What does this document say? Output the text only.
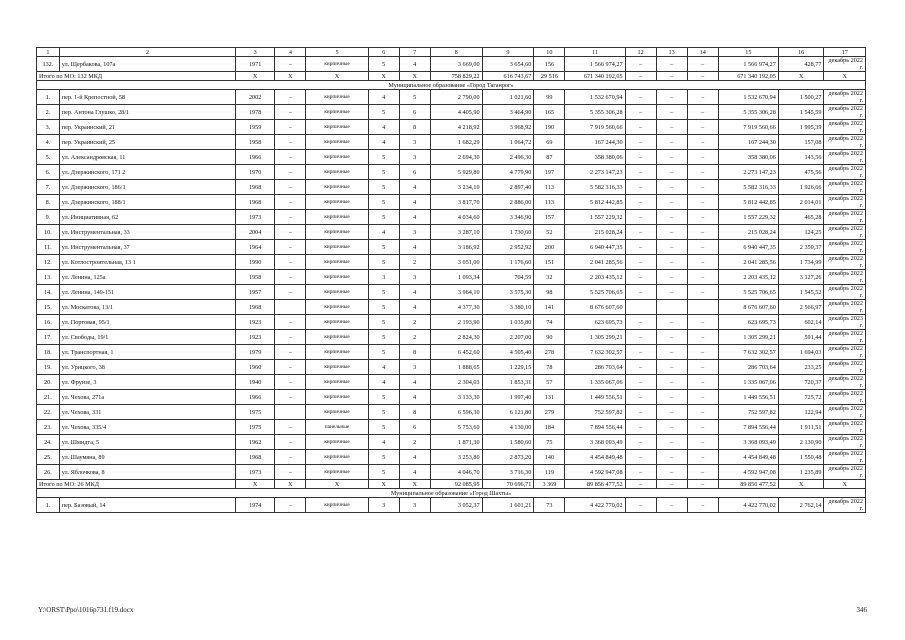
1	2	3	4	5	6	7	8	9	10	11	12	13	14	15	16	17
132.	ул. Щербакова, 107а	1971	–	кирпичные	5	4	3 669,00	3 654,60	156	1 566 974,27	–	–	–	1 566 974,27	428,77	декабрь 2022 г.
Итого по МО: 132 МКД		Х	Х	Х	Х	Х	758 829,22	616 743,67	29 516	671 340 192,05	–	–	–	671 340 192,05	Х	Х
Муниципальное образование «Город Таганрог»																
1.	пер. 1-й Крепостной, 58	2002	–	кирпичные	4	5	2 790,00	1 021,60	99	1 532 670,94	–	–	–	1 532 670,94	1 500,27	декабрь 2022 г.
2.	пер. Антона Глушко, 28/1	1978	–	кирпичные	5	6	4 405,90	3 464,90	165	5 355 306,28	–	–	–	5 355 306,28	1 545,59	декабрь 2022 г.
3.	пер. Украинский, 21	1959	–	кирпичные	4	8	4 218,92	3 968,92	190	7 919 560,66	–	–	–	7 919 560,66	1 995,39	декабрь 2022 г.
4.	пер. Украинский, 25	1958	–	кирпичные	4	3	1 682,29	1 064,72	69	167 244,30	–	–	–	167 244,30	157,08	декабрь 2022 г.
5.	ул. Александровская, 11	1966	–	кирпичные	5	3	2 694,30	2 496,30	87	358 380,06	–	–	–	358 380,06	143,56	декабрь 2022 г.
6.	ул. Дзержинского, 171 2	1970	–	кирпичные	5	6	5 929,80	4 779,90	197	2 273 147,23	–	–	–	2 273 147,23	475,56	декабрь 2022 г.
7.	ул. Дзержинского, 186/1	1968	–	кирпичные	5	4	3 234,10	2 897,40	113	5 582 316,33	–	–	–	5 582 316,33	1 926,66	декабрь 2022 г.
8.	ул. Дзержинского, 188/1	1968	–	кирпичные	5	4	3 817,70	2 886,00	113	5 812 442,85	–	–	–	5 812 442,85	2 014,01	декабрь 2022 г.
9.	ул. Инициативная, 62	1973	–	кирпичные	5	4	4 034,60	3 346,90	157	1 557 229,32	–	–	–	1 557 229,32	465,28	декабрь 2022 г.
10.	ул. Инструментальная, 33	2004	–	кирпичные	4	3	3 287,10	1 730,60	52	215 028,24	–	–	–	215 028,24	124,25	декабрь 2022 г.
11.	ул. Инструментальная, 37	1964	–	кирпичные	5	4	3 186,92	2 952,92	200	6 940 447,35	–	–	–	6 940 447,35	2 350,37	декабрь 2022 г.
12.	ул. Котлостроительная, 13 1	1990	–	кирпичные	5	2	3 051,00	1 176,60	151	2 041 285,56	–	–	–	2 041 285,56	1 734,99	декабрь 2022 г.
13.	ул. Ленина, 125а	1958	–	кирпичные	3	3	1 093,34	704,59	32	2 203 435,12	–	–	–	2 203 435,12	3 127,26	декабрь 2022 г.
14.	ул. Ленина, 149-151	1957	–	кирпичные	5	4	3 964,10	3 575,30	98	5 525 706,65	–	–	–	5 525 706,65	1 545,52	декабрь 2022 г.
15.	ул. Москатова, 13/1	1968		кирпичные	5	4	4 377,30	3 380,10	141	8 676 607,60				8 676 607,60	2 566,97	декабрь 2022 г.
16.	ул. Портовая, 95/1	1923	–	кирпичные	5	2	2 193,90	1 035,80	74	623 695,73	–	–	–	623 695,73	602,14	декабрь 2023 г.
17.	ул. Свободы, 19/1	1923	–	кирпичные	5	2	2 824,30	2 207,00	90	1 305 299,21	–	–	–	1 305 299,21	591,44	декабрь 2022 г.
18.	ул. Транспортная, 1	1979	–	кирпичные	5	8	6 452,60	4 505,40	278	7 632 302,57	–	–	–	7 632 302,57	1 694,03	декабрь 2022 г.
19.	ул. Урицкого, 38	1960	–	кирпичные	4	3	1 888,65	1 229,15	78	286 703,64	–	–	–	286 703,64	233,25	декабрь 2022 г.
20.	ул. Фрунзе, 3	1940	–	кирпичные	4	4	2 304,03	1 853,31	57	1 335 067,06	–	–	–	1 335 067,06	720,37	декабрь 2022 г.
21.	ул. Чехова, 271а	1966	–	кирпичные	5	4	3 133,30	1 997,40	131	1 449 556,51	–	–	–	1 449 556,51	725,72	декабрь 2022 г.
22.	ул. Чехова, 331	1975		кирпичные	5	8	6 596,30	6 121,80	279	752 597,82	–	–	–	752 597,82	122,94	декабрь 2022 г.
23.	ул. Чехова, 335/4	1975	–	панельные	5	6	5 753,60	4 130,00	184	7 894 556,44	–	–	–	7 894 556,44	1 911,51	декабрь 2022 г.
24.	ул. Шмидта, 5	1962	–	кирпичные	4	2	1 871,30	1 580,60	75	3 368 093,49	–	–	–	3 368 093,49	2 130,90	декабрь 2022 г.
25.	ул. Шаумяна, 89	1968	–	кирпичные	5	4	3 253,80	2 873,20	140	4 454 849,48	–	–	–	4 454 849,48	1 550,48	декабрь 2022 г.
26.	ул. Яблочкова, 8	1973	–	кирпичные	5	4	4 046,70	3 716,30	119	4 592 947,08	–	–	–	4 592 947,08	1 235,89	декабрь 2022 г.
Итого по МО: 26 МКД		Х	Х	Х	Х	Х	92 085,95	70 696,71	3 369	89 856 477,52	–	–	–	89 856 477,52	Х	Х
Муниципальное образование «Город Шахты»																
1.	пер. Базовый, 14	1974	–	кирпичные	3	3	3 052,37	1 601,21	73	4 422 770,02	–	–	–	4 422 770,02	2 762,14	декабрь 2022 г.
Y:\ORST\Ppo\1016p731.f19.docx	346
